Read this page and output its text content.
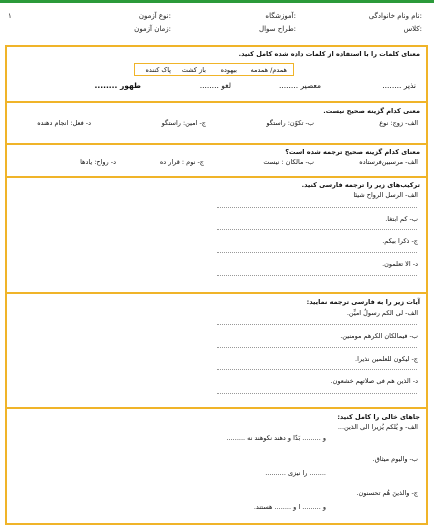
نام ونام خانوادگی:
آموزشگاه:
نوع آزمون:
۱
کلاس:
طراح سوال:
زمان آزمون:
معنای کلمات را با استفاده از کلمات داده شده کامل کنید.
همدم/ همدمه
بیهوده
باز کشت
پاک کننده
نذیر ........
معصیر ........
لغو ........
طهور ........
معنی کدام گزینه صحیح نیست.
الف- زوج: نوع
ب- تکوّن: راستگو
ج- امین: راستگو
د- فعل: انجام دهنده
معنای کدام گزینه صحیح ترجمه شده است؟
الف- مرسبین‌فرستاده
ب- مالکان : نیست
ج- نوم : قرار ده
د- رواح: یادها
ترکیب‌های زیر را ترجمه فارسی کنید.
الف- الرسل الرواح شیئا
ب- کم ابتغا.
ج- ذکرا بیکم.
د- الا تعلمون.
آیات زیر را به فارسی ترجمه نمایید:
الف- لی الکم رسولٌ امیِّن.
ب- فیمالکان الکرهم مومنین.
ج- لیکون للعلمین نذیرا.
د- الذین هم فی صلاتهم خشعون.
جاهای خالی را کامل کنید:
الف- و یُلکم یُزیرا الی الذین...
و ......... بَدّا و دهند نکوهند نه .........
ب- والیوم میثاق.
........ را نیزی ..........
ج- والذینَ هُم تحسنون.
و ......... ا و ........ هستند.
